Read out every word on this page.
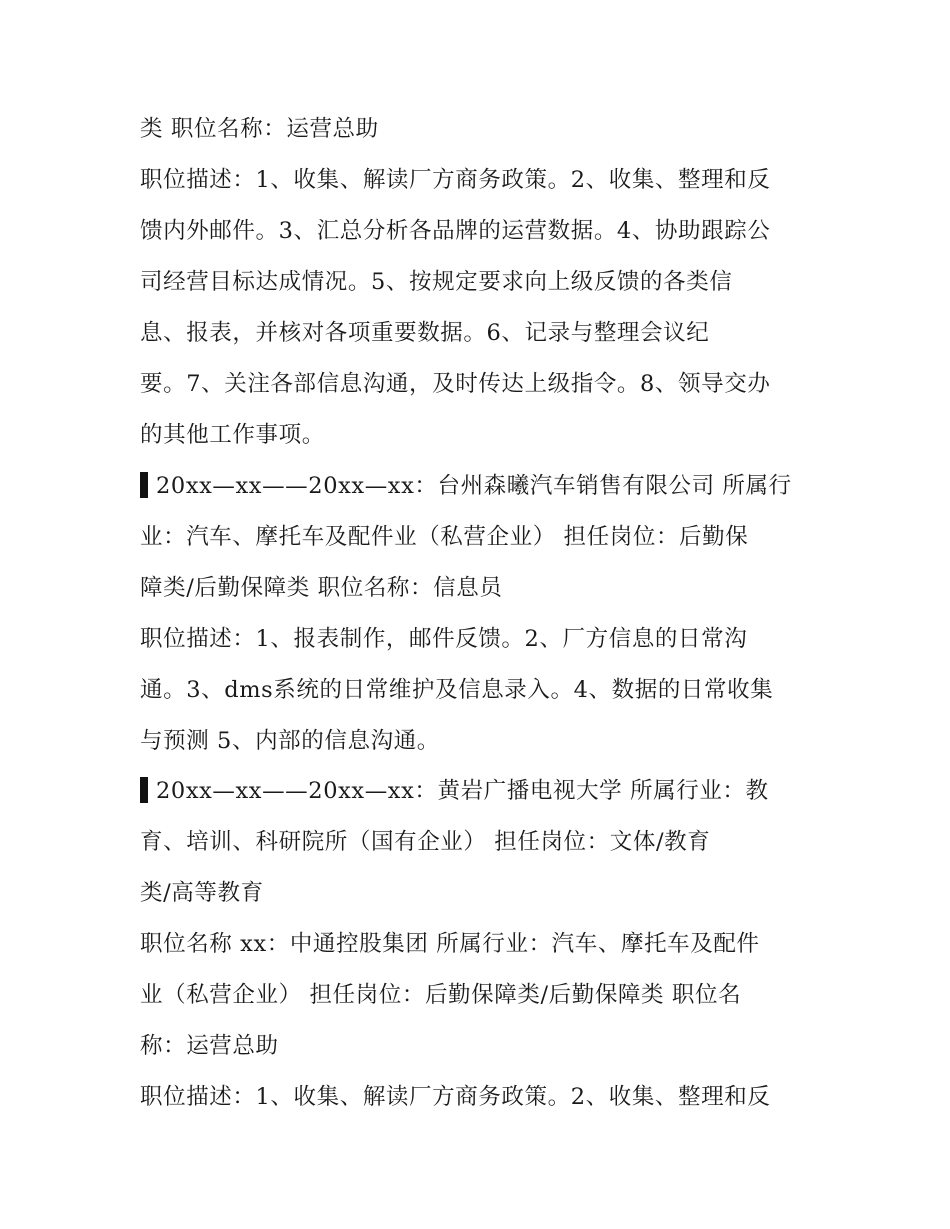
类 职位名称：运营总助
职位描述：1、收集、解读厂方商务政策。2、收集、整理和反
馈内外邮件。3、汇总分析各品牌的运营数据。4、协助跟踪公
司经营目标达成情况。5、按规定要求向上级反馈的各类信
息、报表，并核对各项重要数据。6、记录与整理会议纪
要。7、关注各部信息沟通，及时传达上级指令。8、领导交办
的其他工作事项。
20xx—xx——20xx—xx：台州森曦汽车销售有限公司 所属行
业：汽车、摩托车及配件业（私营企业） 担任岗位：后勤保
障类/后勤保障类 职位名称：信息员
职位描述：1、报表制作，邮件反馈。2、厂方信息的日常沟
通。3、dms系统的日常维护及信息录入。4、数据的日常收集
与预测 5、内部的信息沟通。
20xx—xx——20xx—xx：黄岩广播电视大学 所属行业：教
育、培训、科研院所（国有企业） 担任岗位：文体/教育
类/高等教育
职位名称 xx：中通控股集团 所属行业：汽车、摩托车及配件
业（私营企业） 担任岗位：后勤保障类/后勤保障类 职位名
称：运营总助
职位描述：1、收集、解读厂方商务政策。2、收集、整理和反
